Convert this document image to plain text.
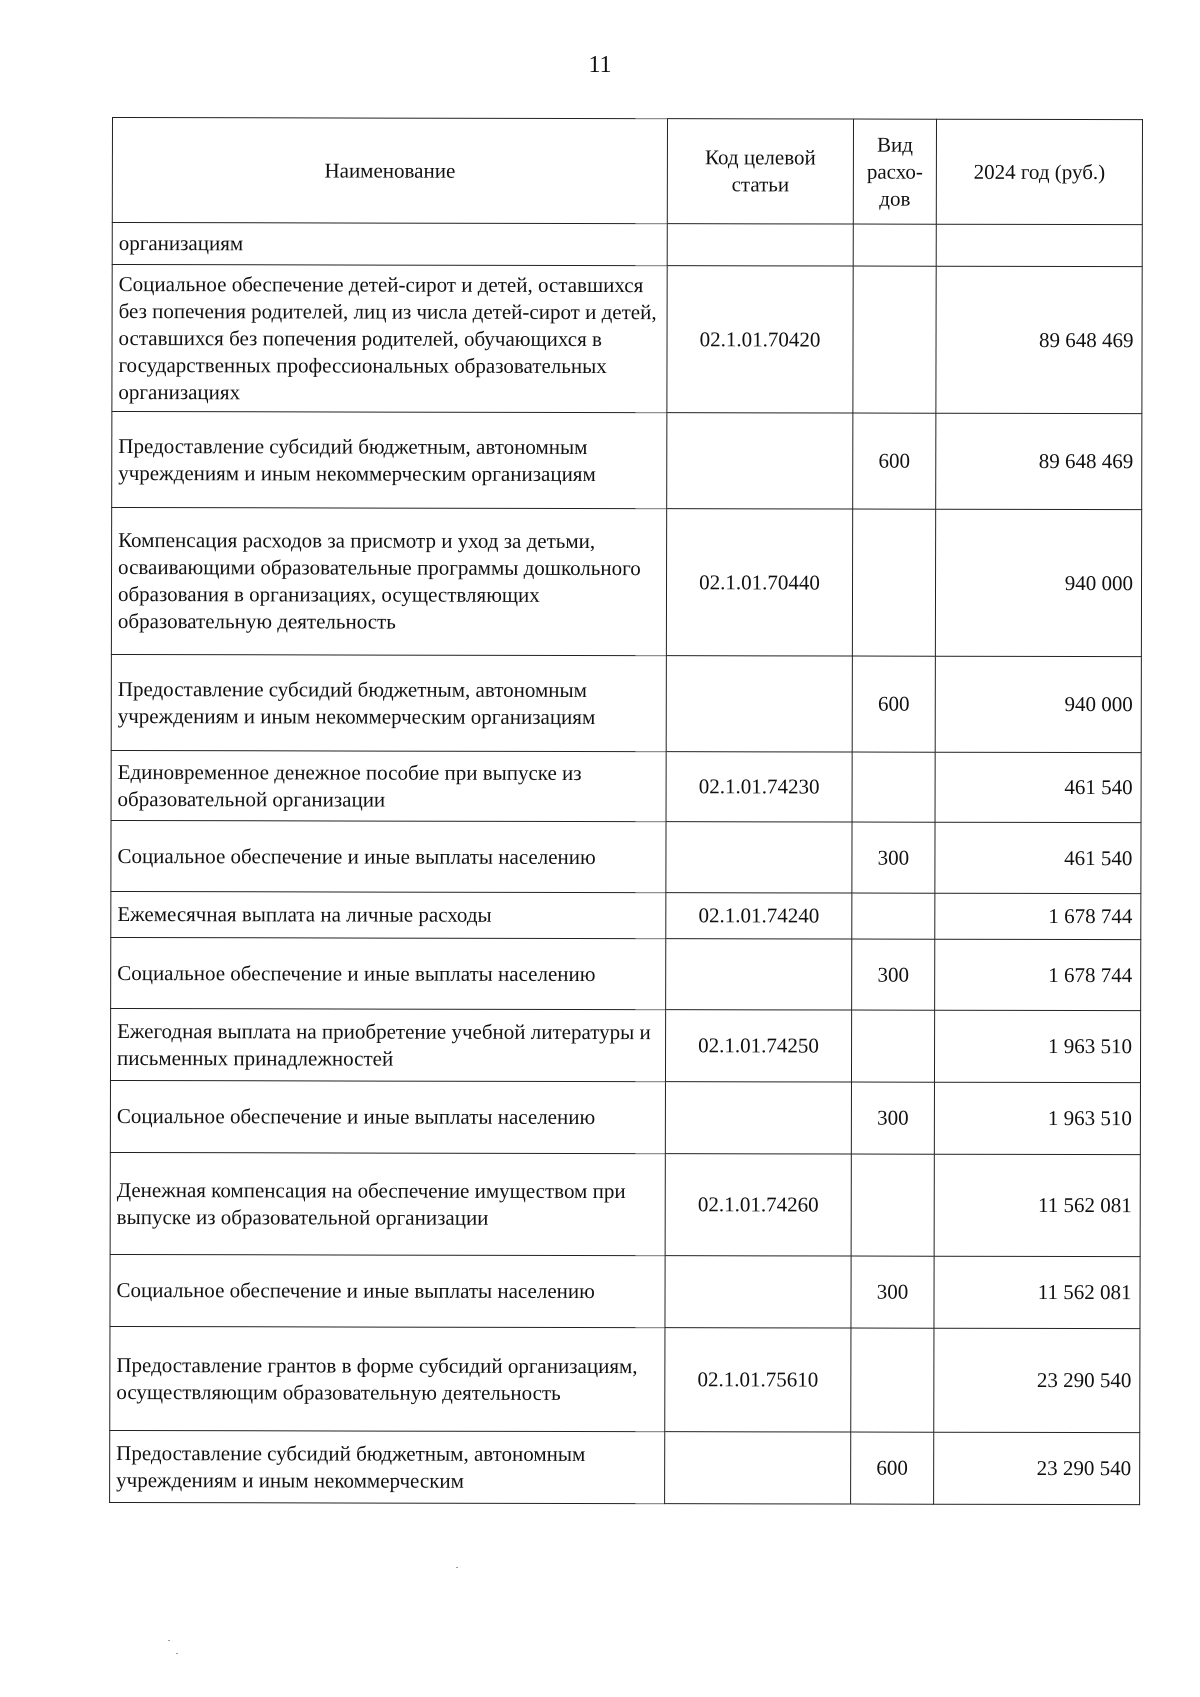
11
Наименование	Код целевой статьи	Вид расхо-дов	2024 год (руб.)
организациям			
Социальное обеспечение детей-сирот и детей, оставшихся без попечения родителей, лиц из числа детей-сирот и детей, оставшихся без попечения родителей, обучающихся в государственных профессиональных образовательных организациях	02.1.01.70420		89 648 469
Предоставление субсидий бюджетным, автономным учреждениям и иным некоммерческим организациям		600	89 648 469
Компенсация расходов за присмотр и уход за детьми, осваивающими образовательные программы дошкольного образования в организациях, осуществляющих образовательную деятельность	02.1.01.70440		940 000
Предоставление субсидий бюджетным, автономным учреждениям и иным некоммерческим организациям		600	940 000
Единовременное денежное пособие при выпуске из образовательной организации	02.1.01.74230		461 540
Социальное обеспечение и иные выплаты населению		300	461 540
Ежемесячная выплата на личные расходы	02.1.01.74240		1 678 744
Социальное обеспечение и иные выплаты населению		300	1 678 744
Ежегодная выплата на приобретение учебной литературы и письменных принадлежностей	02.1.01.74250		1 963 510
Социальное обеспечение и иные выплаты населению		300	1 963 510
Денежная компенсация на обеспечение имуществом при выпуске из образовательной организации	02.1.01.74260		11 562 081
Социальное обеспечение и иные выплаты населению		300	11 562 081
Предоставление грантов в форме субсидий организациям, осуществляющим образовательную деятельность	02.1.01.75610		23 290 540
Предоставление субсидий бюджетным, автономным учреждениям и иным некоммерческим		600	23 290 540
